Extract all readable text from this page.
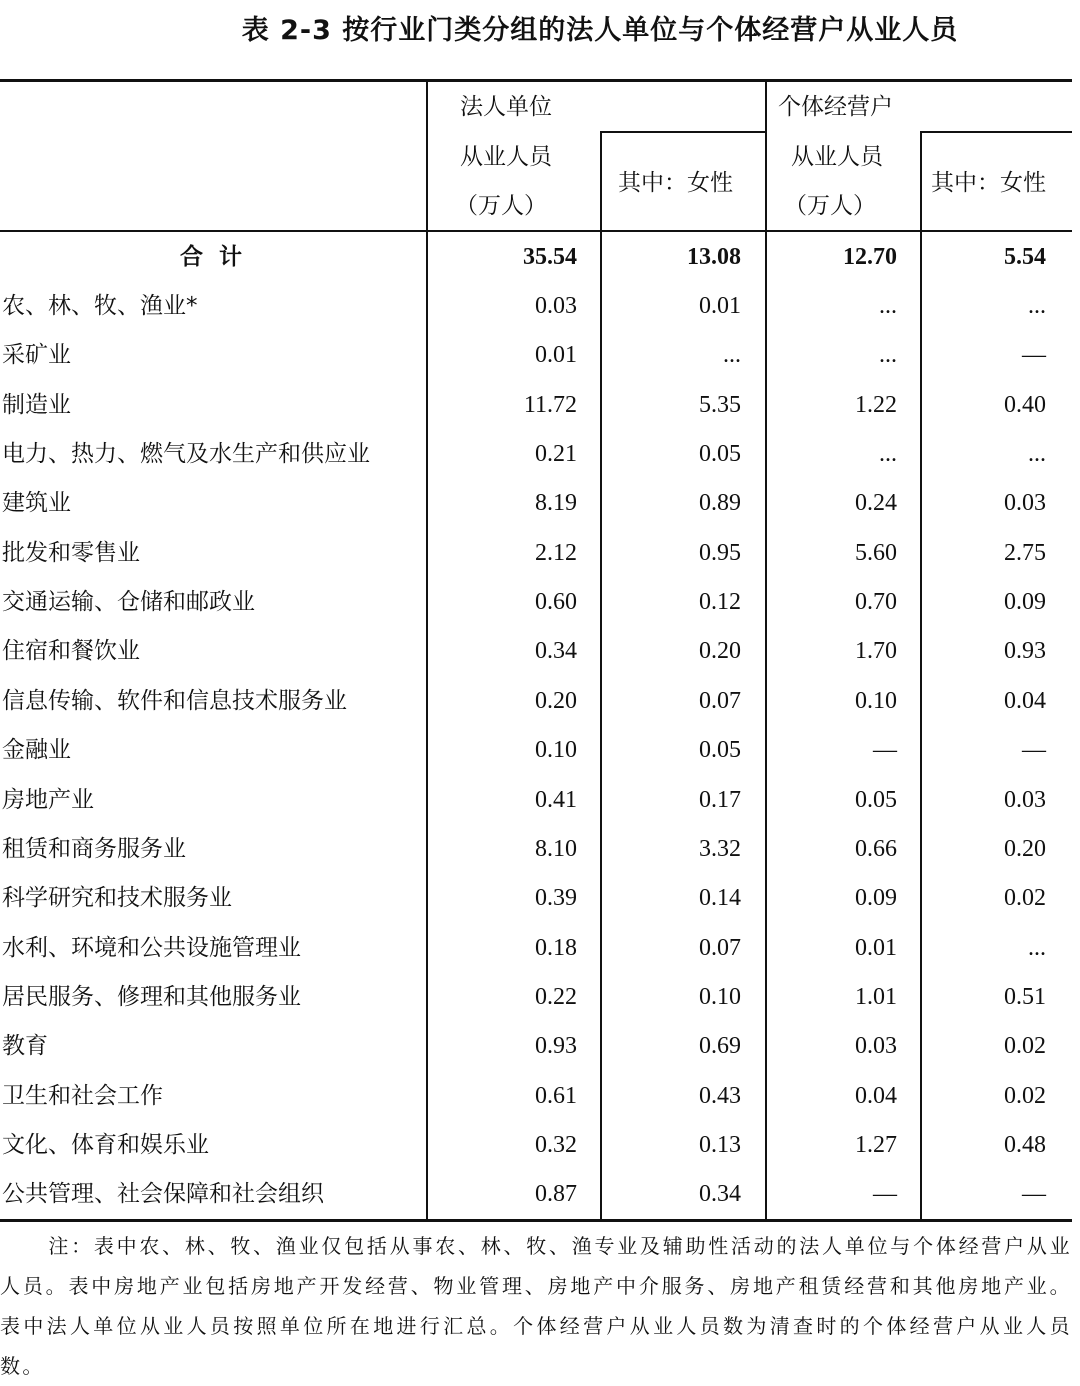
表 2-3 按行业门类分组的法人单位与个体经营户从业人员
法人单位
从业人员
（万人）
其中：女性
个体经营户
从业人员
（万人）
其中：女性
合 计	35.54	13.08	12.70	5.54
农、林、牧、渔业*	0.03	0.01	...	...
采矿业	0.01	...	...	—
制造业	11.72	5.35	1.22	0.40
电力、热力、燃气及水生产和供应业	0.21	0.05	...	...
建筑业	8.19	0.89	0.24	0.03
批发和零售业	2.12	0.95	5.60	2.75
交通运输、仓储和邮政业	0.60	0.12	0.70	0.09
住宿和餐饮业	0.34	0.20	1.70	0.93
信息传输、软件和信息技术服务业	0.20	0.07	0.10	0.04
金融业	0.10	0.05	—	—
房地产业	0.41	0.17	0.05	0.03
租赁和商务服务业	8.10	3.32	0.66	0.20
科学研究和技术服务业	0.39	0.14	0.09	0.02
水利、环境和公共设施管理业	0.18	0.07	0.01	...
居民服务、修理和其他服务业	0.22	0.10	1.01	0.51
教育	0.93	0.69	0.03	0.02
卫生和社会工作	0.61	0.43	0.04	0.02
文化、体育和娱乐业	0.32	0.13	1.27	0.48
公共管理、社会保障和社会组织	0.87	0.34	—	—
注：表中农、林、牧、渔业仅包括从事农、林、牧、渔专业及辅助性活动的法人单位与个体经营户从业人员。表中房地产业包括房地产开发经营、物业管理、房地产中介服务、房地产租赁经营和其他房地产业。表中法人单位从业人员按照单位所在地进行汇总。个体经营户从业人员数为清查时的个体经营户从业人员数。
